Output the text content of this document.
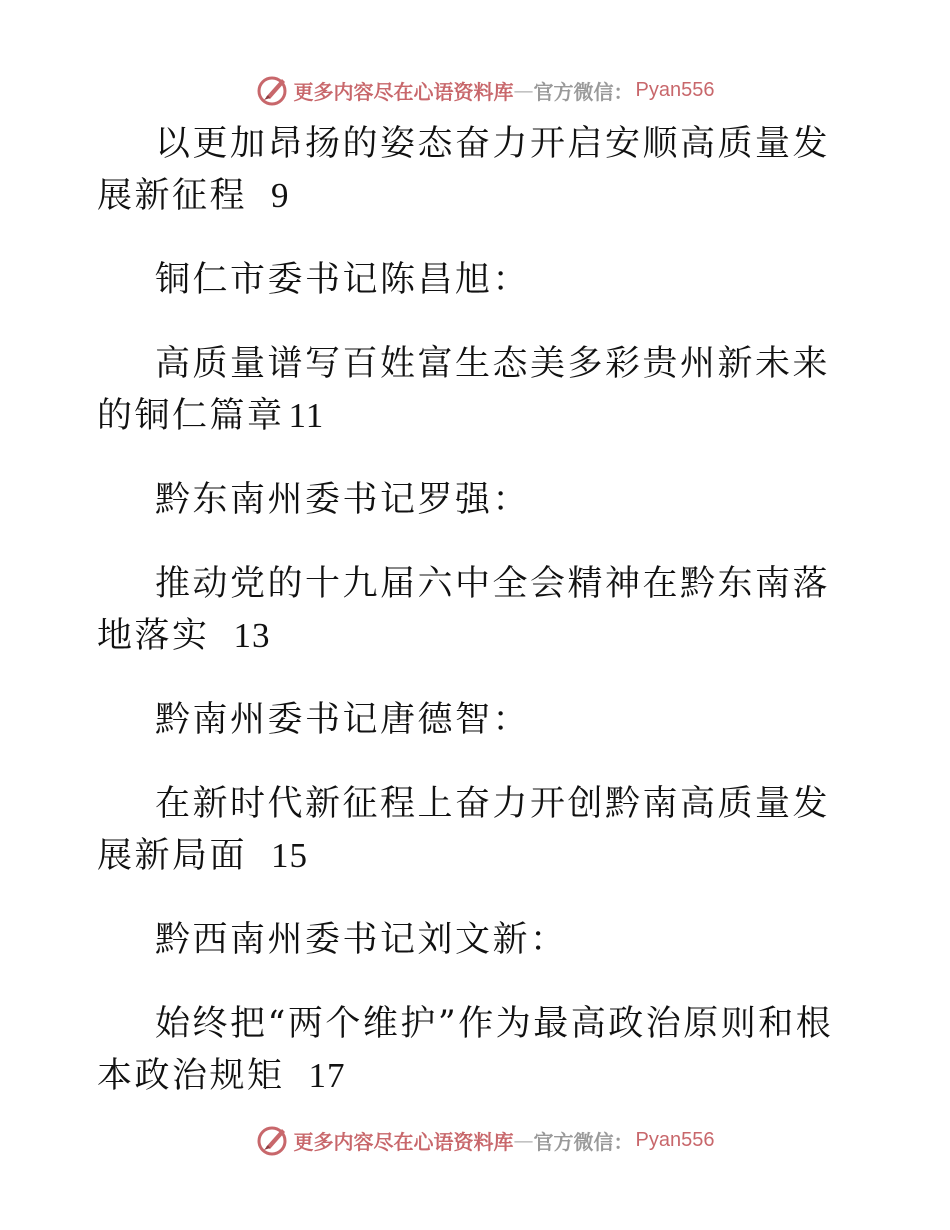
更多内容尽在心语资料库 — 官方微信： Pyan556

以更加昂扬的姿态奋力开启安顺高质量发展新征程 9

铜仁市委书记陈昌旭：

高质量谱写百姓富生态美多彩贵州新未来的铜仁篇章 11

黔东南州委书记罗强：

推动党的十九届六中全会精神在黔东南落地落实 13

黔南州委书记唐德智：

在新时代新征程上奋力开创黔南高质量发展新局面 15

黔西南州委书记刘文新：

始终把“两个维护”作为最高政治原则和根本政治规矩 17

更多内容尽在心语资料库 — 官方微信： Pyan556
